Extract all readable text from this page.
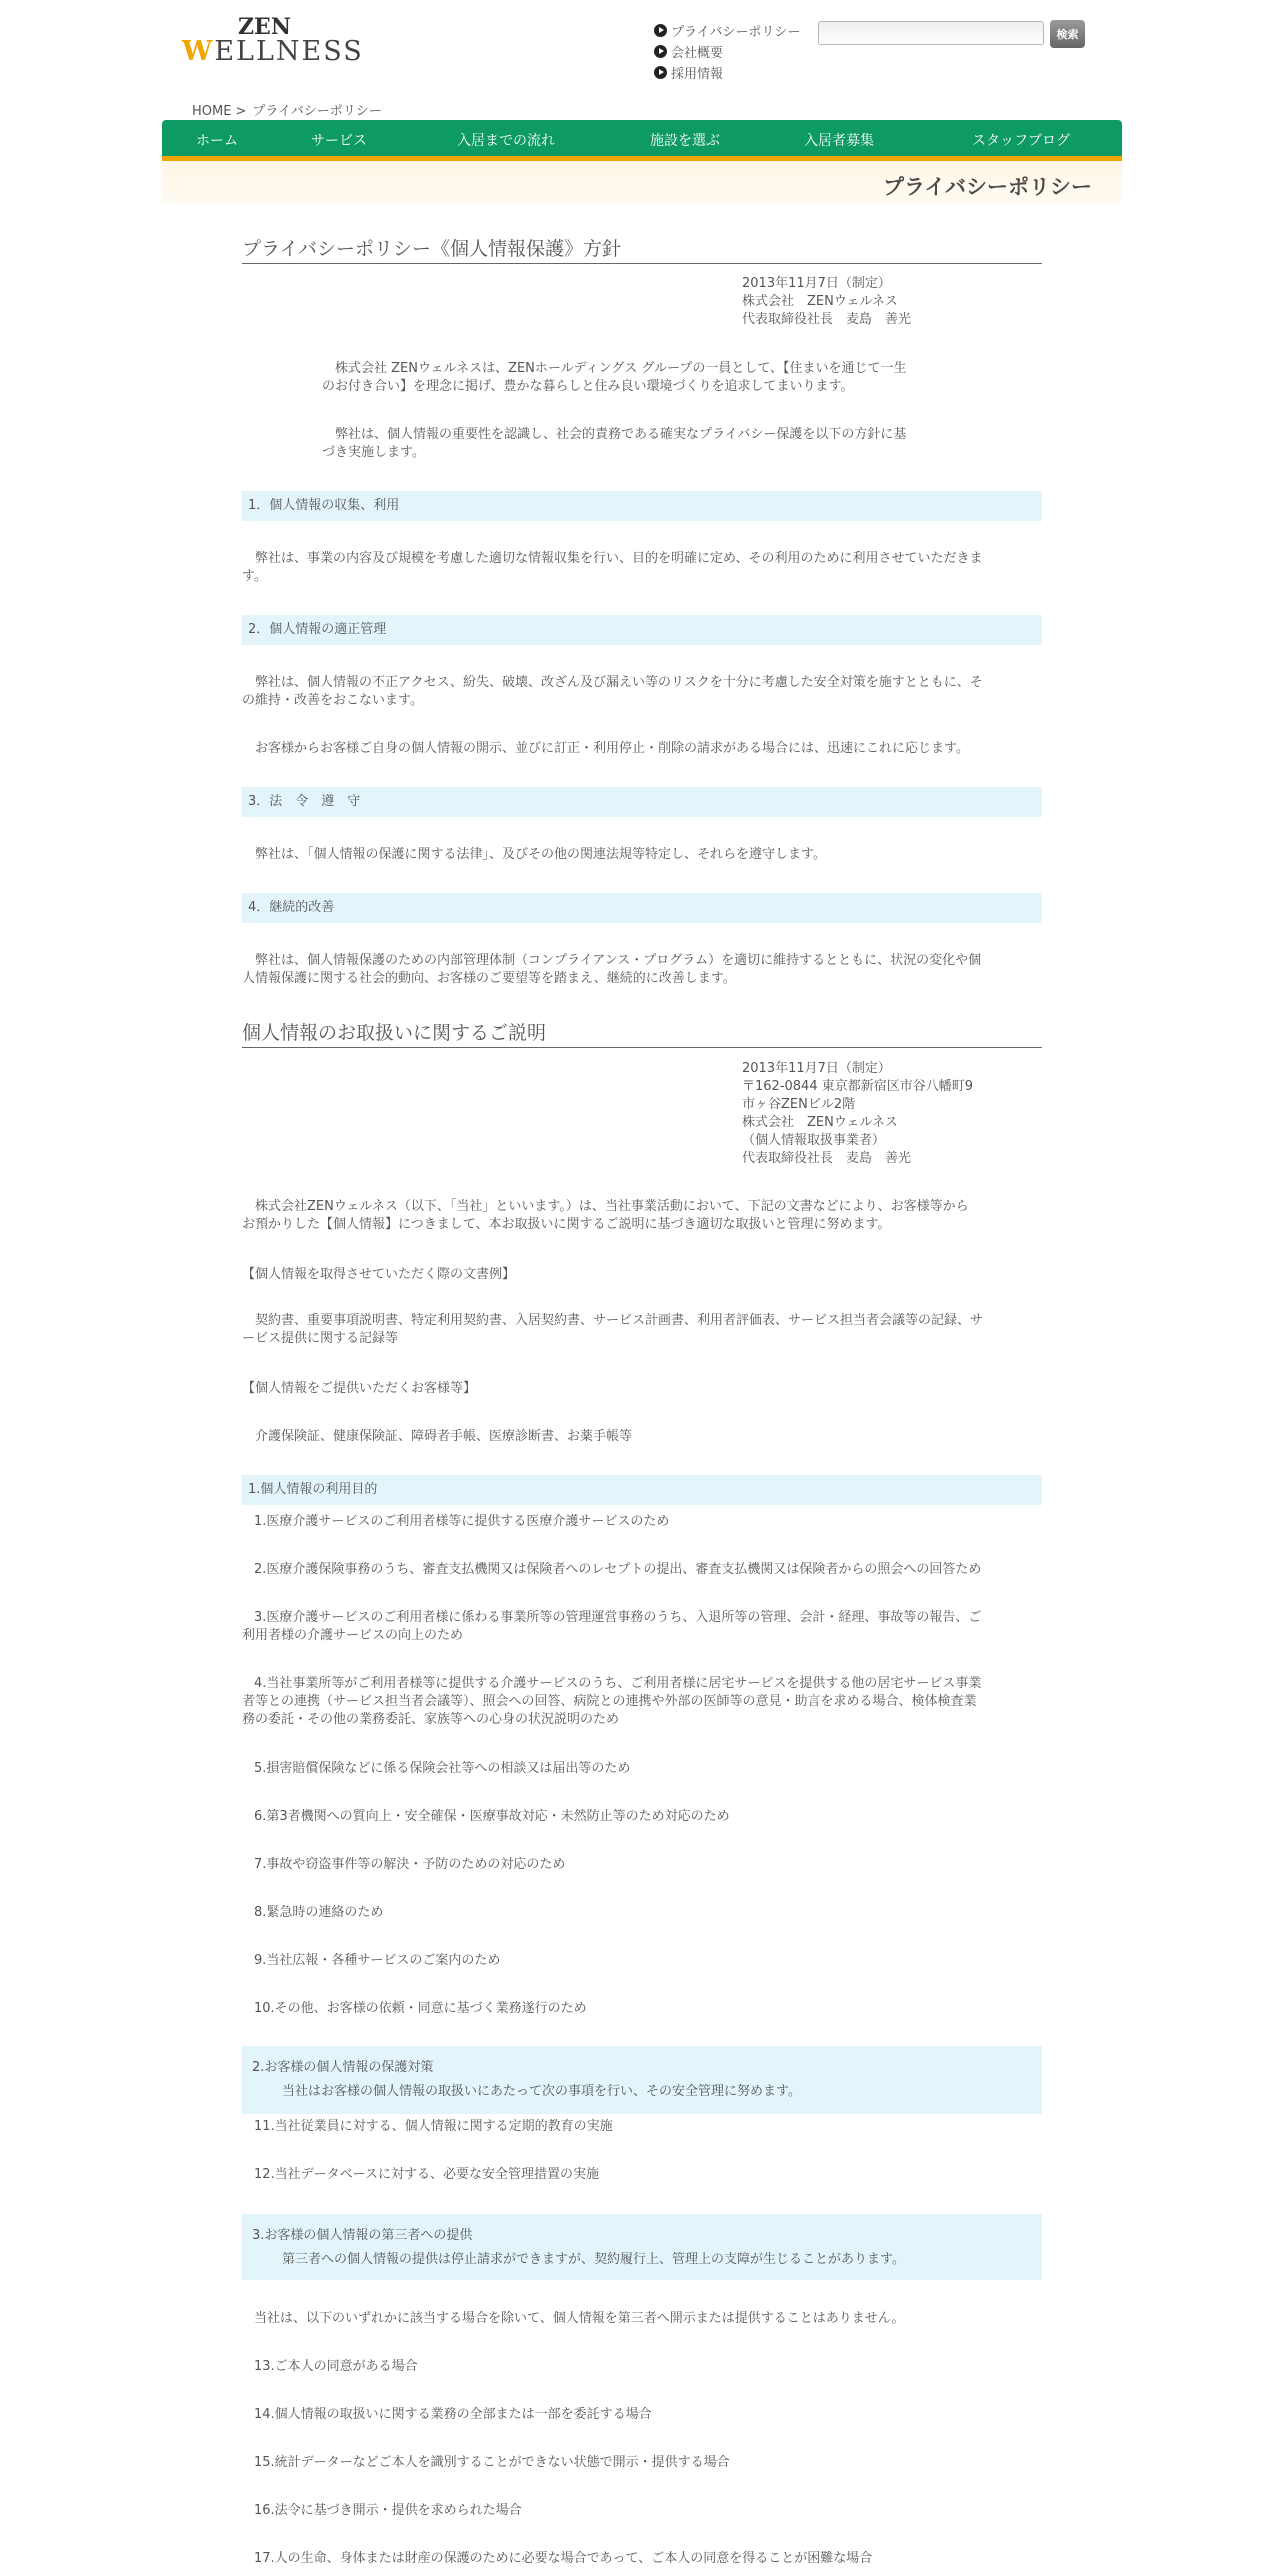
ZEN
WELLNESS
プライバシーポリシー
会社概要
採用情報
検索
HOME > プライバシーポリシー
ホーム	サービス	入居までの流れ	施設を選ぶ	入居者募集	スタッフブログ
プライバシーポリシー
プライバシーポリシー《個人情報保護》方針
2013年11月7日（制定）
株式会社　ZENウェルネス
代表取締役社長　麦島　善光
　株式会社 ZENウェルネスは、ZENホールディングス グループの一員として、【住まいを通じて一生
のお付き合い】を理念に掲げ、豊かな暮らしと住み良い環境づくりを追求してまいります。
　弊社は、個人情報の重要性を認識し、社会的責務である確実なプライバシー保護を以下の方針に基
づき実施します。
1．個人情報の収集、利用
　弊社は、事業の内容及び規模を考慮した適切な情報収集を行い、目的を明確に定め、その利用のために利用させていただきま
す。
2．個人情報の適正管理
　弊社は、個人情報の不正アクセス、紛失、破壊、改ざん及び漏えい等のリスクを十分に考慮した安全対策を施すとともに、そ
の維持・改善をおこないます。
　お客様からお客様ご自身の個人情報の開示、並びに訂正・利用停止・削除の請求がある場合には、迅速にこれに応じます。
3．法　令　遵　守
　弊社は、「個人情報の保護に関する法律」、及びその他の関連法規等特定し、それらを遵守します。
4．継続的改善
　弊社は、個人情報保護のための内部管理体制（コンプライアンス・プログラム）を適切に維持するとともに、状況の変化や個
人情報保護に関する社会的動向、お客様のご要望等を踏まえ、継続的に改善します。
個人情報のお取扱いに関するご説明
2013年11月7日（制定）
〒162-0844 東京都新宿区市谷八幡町9
市ヶ谷ZENビル2階
株式会社　ZENウェルネス
（個人情報取扱事業者）
代表取締役社長　麦島　善光
　株式会社ZENウェルネス（以下、「当社」といいます。）は、当社事業活動において、下記の文書などにより、お客様等から
お預かりした【個人情報】につきまして、本お取扱いに関するご説明に基づき適切な取扱いと管理に努めます。
【個人情報を取得させていただく際の文書例】
　契約書、重要事項説明書、特定利用契約書、入居契約書、サービス計画書、利用者評価表、サービス担当者会議等の記録、サ
ービス提供に関する記録等
【個人情報をご提供いただくお客様等】
　介護保険証、健康保険証、障碍者手帳、医療診断書、お薬手帳等
1.個人情報の利用目的
1.医療介護サービスのご利用者様等に提供する医療介護サービスのため
2.医療介護保険事務のうち、審査支払機関又は保険者へのレセプトの提出、審査支払機関又は保険者からの照会への回答ため
3.医療介護サービスのご利用者様に係わる事業所等の管理運営事務のうち、入退所等の管理、会計・経理、事故等の報告、ご
利用者様の介護サービスの向上のため
4.当社事業所等がご利用者様等に提供する介護サービスのうち、ご利用者様に居宅サービスを提供する他の居宅サービス事業
者等との連携（サービス担当者会議等）、照会への回答、病院との連携や外部の医師等の意見・助言を求める場合、検体検査業
務の委託・その他の業務委託、家族等への心身の状況説明のため
5.損害賠償保険などに係る保険会社等への相談又は届出等のため
6.第3者機関への質向上・安全確保・医療事故対応・未然防止等のため対応のため
7.事故や窃盗事件等の解決・予防のための対応のため
8.緊急時の連絡のため
9.当社広報・各種サービスのご案内のため
10.その他、お客様の依頼・同意に基づく業務遂行のため
2.お客様の個人情報の保護対策
当社はお客様の個人情報の取扱いにあたって次の事項を行い、その安全管理に努めます。
11.当社従業員に対する、個人情報に関する定期的教育の実施
12.当社データベースに対する、必要な安全管理措置の実施
3.お客様の個人情報の第三者への提供
第三者への個人情報の提供は停止請求ができますが、契約履行上、管理上の支障が生じることがあります。
当社は、以下のいずれかに該当する場合を除いて、個人情報を第三者へ開示または提供することはありません。
13.ご本人の同意がある場合
14.個人情報の取扱いに関する業務の全部または一部を委託する場合
15.統計データーなどご本人を識別することができない状態で開示・提供する場合
16.法令に基づき開示・提供を求められた場合
17.人の生命、身体または財産の保護のために必要な場合であって、ご本人の同意を得ることが困難な場合
